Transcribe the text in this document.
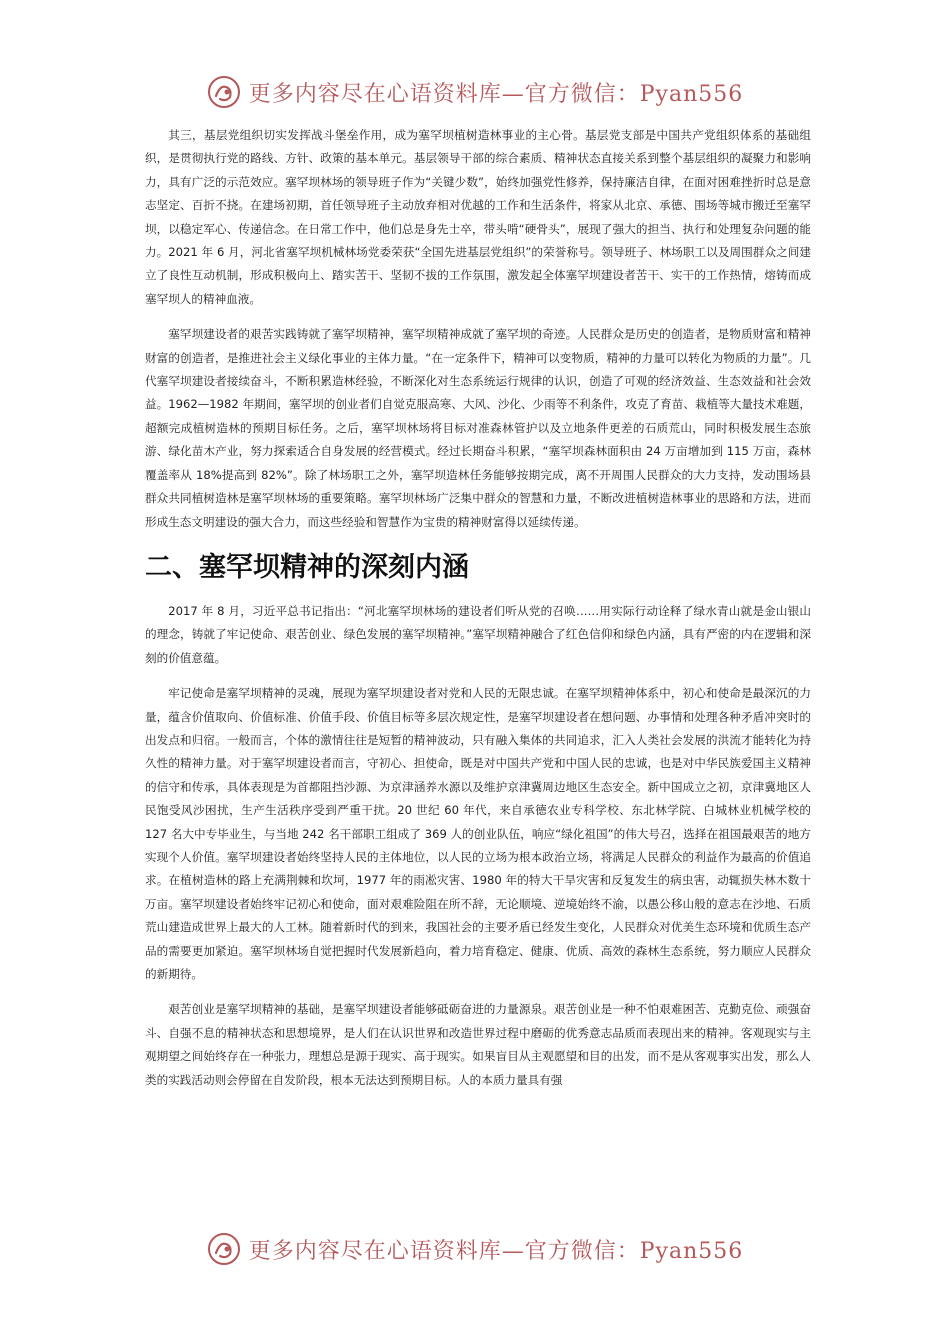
更多内容尽在心语资料库—官方微信：Pyan556

其三，基层党组织切实发挥战斗堡垒作用，成为塞罕坝植树造林事业的主心骨。基层党支部是中国共产党组织体系的基础组织，是贯彻执行党的路线、方针、政策的基本单元。基层领导干部的综合素质、精神状态直接关系到整个基层组织的凝聚力和影响力，具有广泛的示范效应。塞罕坝林场的领导班子作为“关键少数”，始终加强党性修养，保持廉洁自律，在面对困难挫折时总是意志坚定、百折不挠。在建场初期，首任领导班子主动放弃相对优越的工作和生活条件，将家从北京、承德、围场等城市搬迁至塞罕坝，以稳定军心、传递信念。在日常工作中，他们总是身先士卒，带头啃“硬骨头”，展现了强大的担当、执行和处理复杂问题的能力。2021 年 6 月，河北省塞罕坝机械林场党委荣获“全国先进基层党组织”的荣誉称号。领导班子、林场职工以及周围群众之间建立了良性互动机制，形成积极向上、踏实苦干、坚韧不拔的工作氛围，激发起全体塞罕坝建设者苦干、实干的工作热情，熔铸而成塞罕坝人的精神血液。

塞罕坝建设者的艰苦实践铸就了塞罕坝精神，塞罕坝精神成就了塞罕坝的奇迹。人民群众是历史的创造者，是物质财富和精神财富的创造者，是推进社会主义绿化事业的主体力量。“在一定条件下，精神可以变物质，精神的力量可以转化为物质的力量”。几代塞罕坝建设者接续奋斗，不断积累造林经验，不断深化对生态系统运行规律的认识，创造了可观的经济效益、生态效益和社会效益。1962—1982 年期间，塞罕坝的创业者们自觉克服高寒、大风、沙化、少雨等不利条件，攻克了育苗、栽植等大量技术难题，超额完成植树造林的预期目标任务。之后，塞罕坝林场将目标对准森林管护以及立地条件更差的石质荒山，同时积极发展生态旅游、绿化苗木产业，努力探索适合自身发展的经营模式。经过长期奋斗积累，“塞罕坝森林面积由 24 万亩增加到 115 万亩，森林覆盖率从 18%提高到 82%”。除了林场职工之外，塞罕坝造林任务能够按期完成，离不开周围人民群众的大力支持，发动围场县群众共同植树造林是塞罕坝林场的重要策略。塞罕坝林场广泛集中群众的智慧和力量，不断改进植树造林事业的思路和方法，进而形成生态文明建设的强大合力，而这些经验和智慧作为宝贵的精神财富得以延续传递。

二、塞罕坝精神的深刻内涵

2017 年 8 月，习近平总书记指出：“河北塞罕坝林场的建设者们听从党的召唤……用实际行动诠释了绿水青山就是金山银山的理念，铸就了牢记使命、艰苦创业、绿色发展的塞罕坝精神。”塞罕坝精神融合了红色信仰和绿色内涵，具有严密的内在逻辑和深刻的价值意蕴。

牢记使命是塞罕坝精神的灵魂，展现为塞罕坝建设者对党和人民的无限忠诚。在塞罕坝精神体系中，初心和使命是最深沉的力量，蕴含价值取向、价值标准、价值手段、价值目标等多层次规定性，是塞罕坝建设者在想问题、办事情和处理各种矛盾冲突时的出发点和归宿。一般而言，个体的激情往往是短暂的精神波动，只有融入集体的共同追求，汇入人类社会发展的洪流才能转化为持久性的精神力量。对于塞罕坝建设者而言，守初心、担使命，既是对中国共产党和中国人民的忠诚，也是对中华民族爱国主义精神的信守和传承，具体表现是为首都阻挡沙源、为京津涵养水源以及维护京津冀周边地区生态安全。新中国成立之初，京津冀地区人民饱受风沙困扰，生产生活秩序受到严重干扰。20 世纪 60 年代，来自承德农业专科学校、东北林学院、白城林业机械学校的 127 名大中专毕业生，与当地 242 名干部职工组成了 369 人的创业队伍，响应“绿化祖国”的伟大号召，选择在祖国最艰苦的地方实现个人价值。塞罕坝建设者始终坚持人民的主体地位，以人民的立场为根本政治立场，将满足人民群众的利益作为最高的价值追求。在植树造林的路上充满荆棘和坎坷，1977 年的雨凇灾害、1980 年的特大干旱灾害和反复发生的病虫害，动辄损失林木数十万亩。塞罕坝建设者始终牢记初心和使命，面对艰难险阻在所不辞，无论顺境、逆境始终不渝，以愚公移山般的意志在沙地、石质荒山建造成世界上最大的人工林。随着新时代的到来，我国社会的主要矛盾已经发生变化，人民群众对优美生态环境和优质生态产品的需要更加紧迫。塞罕坝林场自觉把握时代发展新趋向，着力培育稳定、健康、优质、高效的森林生态系统，努力顺应人民群众的新期待。

艰苦创业是塞罕坝精神的基础，是塞罕坝建设者能够砥砺奋进的力量源泉。艰苦创业是一种不怕艰难困苦、克勤克俭、顽强奋斗、自强不息的精神状态和思想境界，是人们在认识世界和改造世界过程中磨砺的优秀意志品质而表现出来的精神。客观现实与主观期望之间始终存在一种张力，理想总是源于现实、高于现实。如果盲目从主观愿望和目的出发，而不是从客观事实出发，那么人类的实践活动则会停留在自发阶段，根本无法达到预期目标。人的本质力量具有强

更多内容尽在心语资料库—官方微信：Pyan556
